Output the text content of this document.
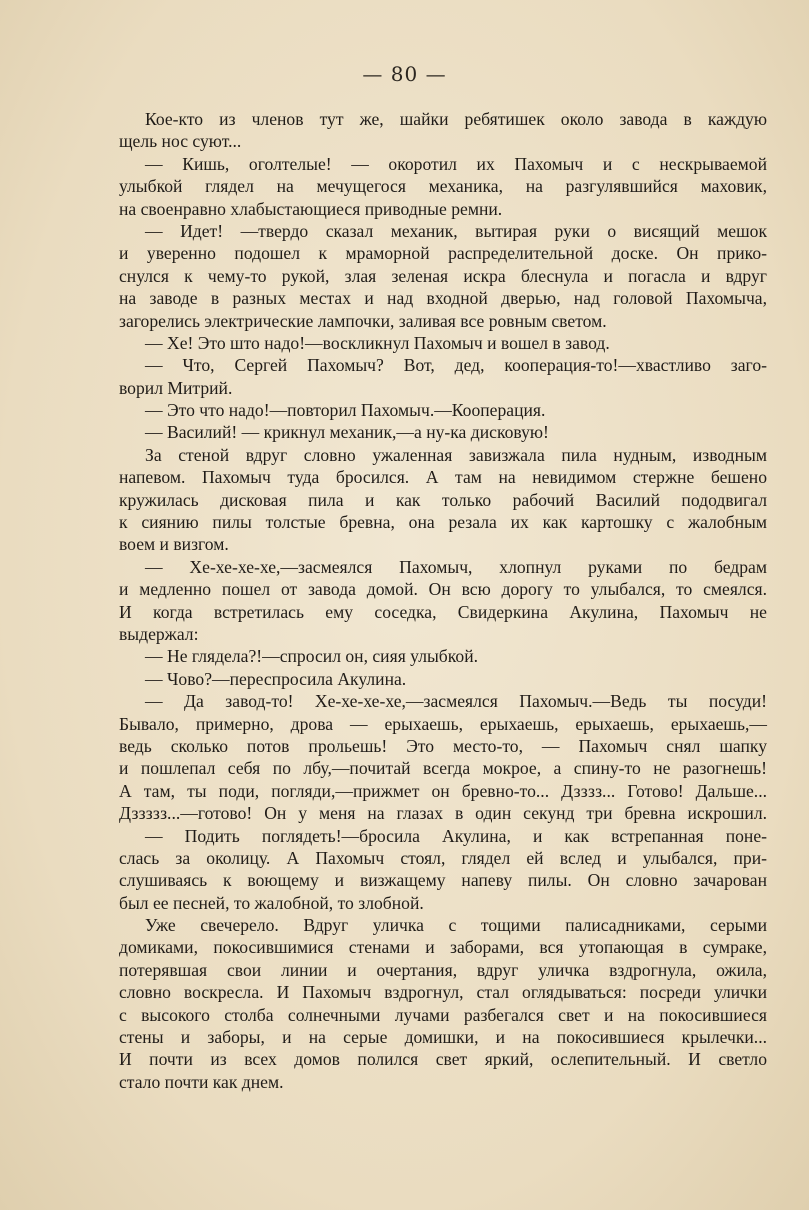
— 80 —
Кое-кто из членов тут же, шайки ребятишек около завода в каждую
щель нос суют...
— Кишь, оголтелые! — окоротил их Пахомыч и с нескрываемой
улыбкой глядел на мечущегося механика, на разгулявшийся маховик,
на своенравно хлабыстающиеся приводные ремни.
— Идет! —твердо сказал механик, вытирая руки о висящий мешок
и уверенно подошел к мраморной распределительной доске. Он прико-
снулся к чему-то рукой, злая зеленая искра блеснула и погасла и вдруг
на заводе в разных местах и над входной дверью, над головой Пахомыча,
загорелись электрические лампочки, заливая все ровным светом.
— Хе! Это што надо!—воскликнул Пахомыч и вошел в завод.
— Что, Сергей Пахомыч? Вот, дед, кооперация-то!—хвастливо заго-
ворил Митрий.
— Это что надо!—повторил Пахомыч.—Кооперация.
— Василий! — крикнул механик,—а ну-ка дисковую!
За стеной вдруг словно ужаленная завизжала пила нудным, изводным
напевом. Пахомыч туда бросился. А там на невидимом стержне бешено
кружилась дисковая пила и как только рабочий Василий пододвигал
к сиянию пилы толстые бревна, она резала их как картошку с жалобным
воем и визгом.
— Хе-хе-хе-хе,—засмеялся Пахомыч, хлопнул руками по бедрам
и медленно пошел от завода домой. Он всю дорогу то улыбался, то смеялся.
И когда встретилась ему соседка, Свидеркина Акулина, Пахомыч не
выдержал:
— Не глядела?!—спросил он, сияя улыбкой.
— Чово?—переспросила Акулина.
— Да завод-то! Хе-хе-хе-хе,—засмеялся Пахомыч.—Ведь ты посуди!
Бывало, примерно, дрова — ерыхаешь, ерыхаешь, ерыхаешь, ерыхаешь,—
ведь сколько потов прольешь! Это место-то, — Пахомыч снял шапку
и пошлепал себя по лбу,—почитай всегда мокрое, а спину-то не разогнешь!
А там, ты поди, погляди,—прижмет он бревно-то... Дзззз... Готово! Дальше...
Дззззз...—готово! Он у меня на глазах в один секунд три бревна искрошил.
— Подить поглядеть!—бросила Акулина, и как встрепанная поне-
слась за околицу. А Пахомыч стоял, глядел ей вслед и улыбался, при-
слушиваясь к воющему и визжащему напеву пилы. Он словно зачарован
был ее песней, то жалобной, то злобной.
Уже свечерело. Вдруг уличка с тощими палисадниками, серыми
домиками, покосившимися стенами и заборами, вся утопающая в сумраке,
потерявшая свои линии и очертания, вдруг уличка вздрогнула, ожила,
словно воскресла. И Пахомыч вздрогнул, стал оглядываться: посреди улички
с высокого столба солнечными лучами разбегался свет и на покосившиеся
стены и заборы, и на серые домишки, и на покосившиеся крылечки...
И почти из всех домов полился свет яркий, ослепительный. И светло
стало почти как днем.
